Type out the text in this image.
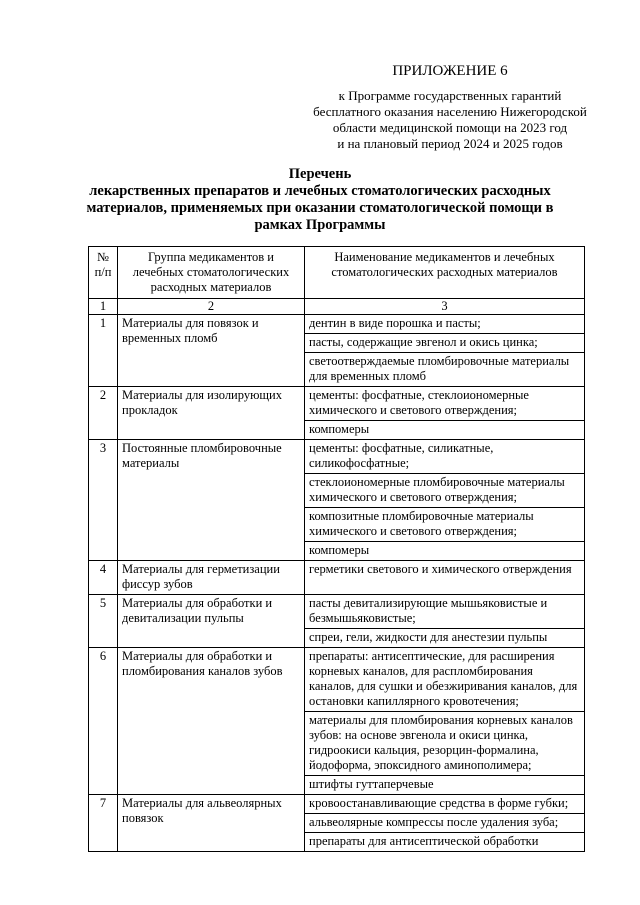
ПРИЛОЖЕНИЕ 6
к Программе государственных гарантий
бесплатного оказания населению Нижегородской
области медицинской помощи на 2023 год
и на плановый период 2024 и 2025 годов
Перечень
лекарственных препаратов и лечебных стоматологических расходных
материалов, применяемых при оказании стоматологической помощи в
рамках Программы
№ п/п	Группа медикаментов и лечебных стоматологических расходных материалов	Наименование медикаментов и лечебных стоматологических расходных материалов
1	2	3
1	Материалы для повязок и временных пломб	дентин в виде порошка и пасты;
		пасты, содержащие эвгенол и окись цинка;
		светоотверждаемые пломбировочные материалы для временных пломб
2	Материалы для изолирующих прокладок	цементы: фосфатные, стеклоиономерные химического и светового отверждения;
		компомеры
3	Постоянные пломбировочные материалы	цементы: фосфатные, силикатные, силикофосфатные;
		стеклоиономерные пломбировочные материалы химического и светового отверждения;
		композитные пломбировочные материалы химического и светового отверждения;
		компомеры
4	Материалы для герметизации фиссур зубов	герметики светового и химического отверждения
5	Материалы для обработки и девитализации пульпы	пасты девитализирующие мышьяковистые и безмышьяковистые;
		спреи, гели, жидкости для анестезии пульпы
6	Материалы для обработки и пломбирования каналов зубов	препараты: антисептические, для расширения корневых каналов, для распломбирования каналов, для сушки и обезжиривания каналов, для остановки капиллярного кровотечения;
		материалы для пломбирования корневых каналов зубов: на основе эвгенола и окиси цинка, гидроокиси кальция, резорцин-формалина, йодоформа, эпоксидного аминополимера;
		штифты гуттаперчевые
7	Материалы для альвеолярных повязок	кровоостанавливающие средства в форме губки;
		альвеолярные компрессы после удаления зуба;
		препараты для антисептической обработки
